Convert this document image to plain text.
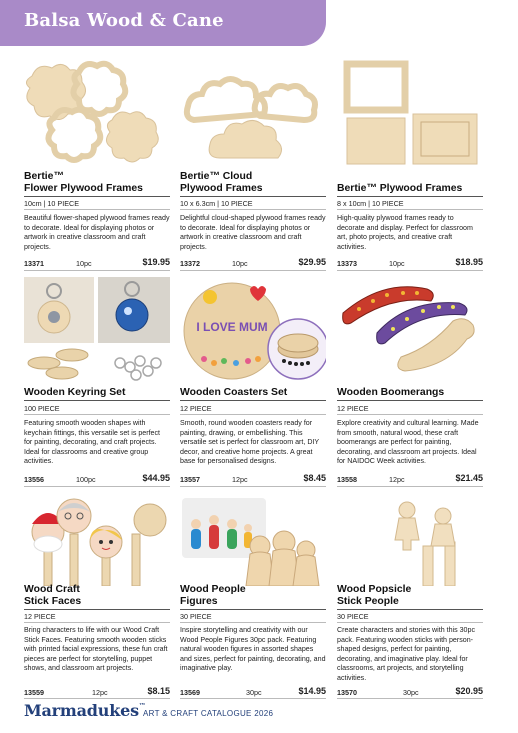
Balsa Wood & Cane
Bertie™
Flower Plywood Frames
10cm | 10 PIECE
Beautiful flower-shaped plywood frames ready to decorate. Ideal for displaying photos or artwork in creative classroom and craft projects.
13371	10pc	$19.95
Bertie™ Cloud
Plywood Frames
10 x 6.3cm | 10 PIECE
Delightful cloud-shaped plywood frames ready to decorate. Ideal for displaying photos or artwork in creative classroom and craft projects.
13372	10pc	$29.95
Bertie™ Plywood Frames
8 x 10cm | 10 PIECE
High-quality plywood frames ready to decorate and display. Perfect for classroom art, photo projects, and creative craft activities.
13373	10pc	$18.95
Wooden Keyring Set
100 PIECE
Featuring smooth wooden shapes with keychain fittings, this versatile set is perfect for painting, decorating, and craft projects. Ideal for classrooms and creative group activities.
13556	100pc	$44.95
I LOVE MUM
Wooden Coasters Set
12 PIECE
Smooth, round wooden coasters ready for painting, drawing, or embellishing. This versatile set is perfect for classroom art, DIY decor, and creative home projects. A great base for personalised designs.
13557	12pc	$8.45
Wooden Boomerangs
12 PIECE
Explore creativity and cultural learning. Made from smooth, natural wood, these craft boomerangs are perfect for painting, decorating, and classroom art projects. Ideal for NAIDOC Week activities.
13558	12pc	$21.45
Wood Craft
Stick Faces
12 PIECE
Bring characters to life with our Wood Craft Stick Faces. Featuring smooth wooden sticks with printed facial expressions, these fun craft pieces are perfect for storytelling, puppet shows, and classroom art projects.
13559	12pc	$8.15
Wood People
Figures
30 PIECE
Inspire storytelling and creativity with our Wood People Figures 30pc pack. Featuring natural wooden figures in assorted shapes and sizes, perfect for painting, decorating, and imaginative play.
13569	30pc	$14.95
Wood Popsicle
Stick People
30 PIECE
Create characters and stories with this 30pc pack. Featuring wooden sticks with person-shaped designs, perfect for painting, decorating, and imaginative play. Ideal for classrooms, art projects, and storytelling activities.
13570	30pc	$20.95
Marmadukes™
ART & CRAFT CATALOGUE 2026
